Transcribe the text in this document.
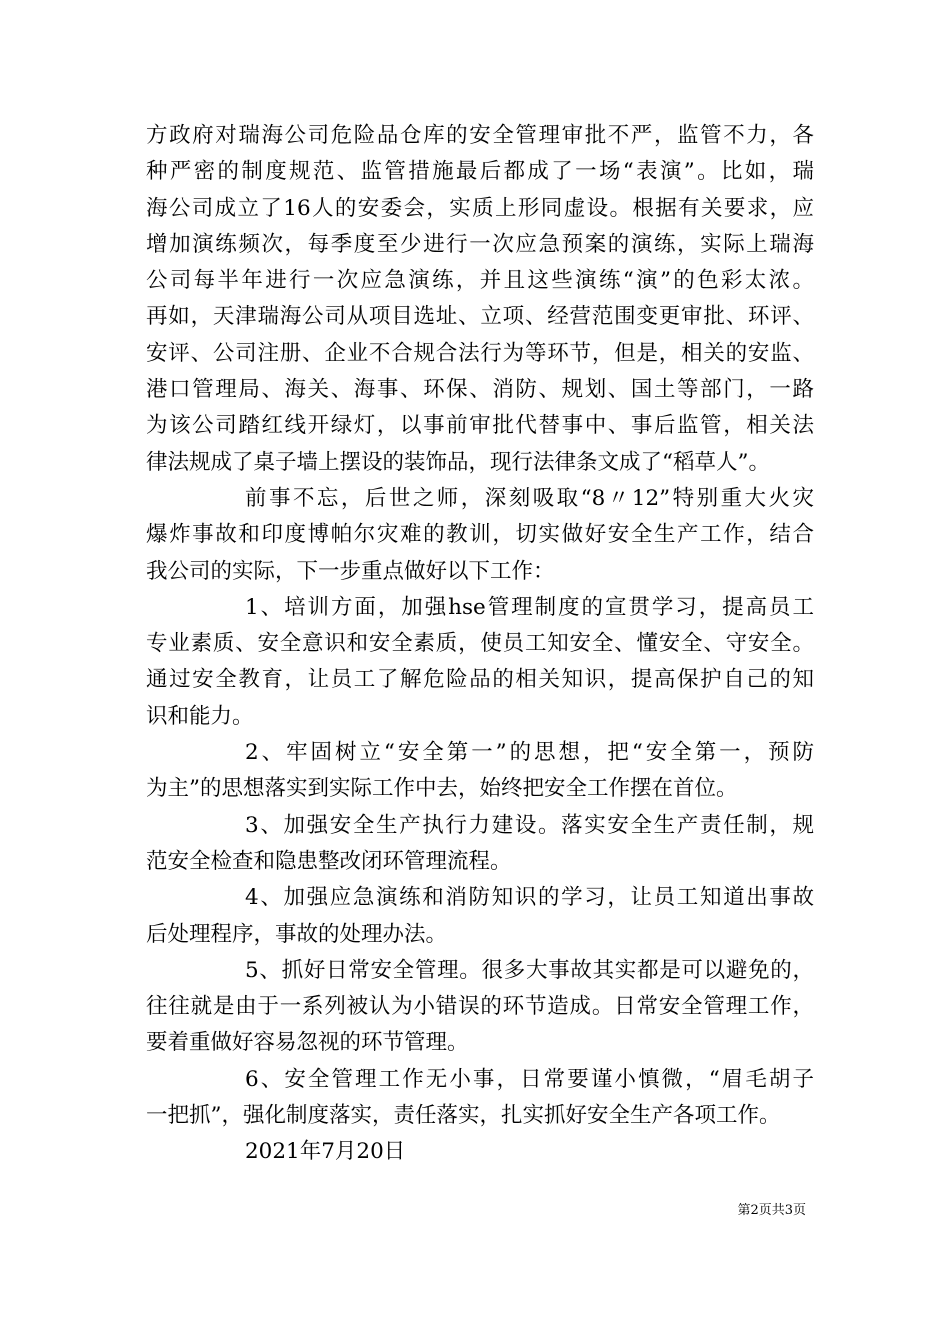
方政府对瑞海公司危险品仓库的安全管理审批不严，监管不力，各
种严密的制度规范、监管措施最后都成了一场“表演”。比如，瑞
海公司成立了16人的安委会，实质上形同虚设。根据有关要求，应
增加演练频次，每季度至少进行一次应急预案的演练，实际上瑞海
公司每半年进行一次应急演练，并且这些演练“演”的色彩太浓。
再如，天津瑞海公司从项目选址、立项、经营范围变更审批、环评、
安评、公司注册、企业不合规合法行为等环节，但是，相关的安监、
港口管理局、海关、海事、环保、消防、规划、国土等部门，一路
为该公司踏红线开绿灯，以事前审批代替事中、事后监管，相关法
律法规成了桌子墙上摆设的装饰品，现行法律条文成了“稻草人”。
前事不忘，后世之师，深刻吸取“8〃12”特别重大火灾
爆炸事故和印度博帕尔灾难的教训，切实做好安全生产工作，结合
我公司的实际，下一步重点做好以下工作：
1、培训方面，加强hse管理制度的宣贯学习，提高员工
专业素质、安全意识和安全素质，使员工知安全、懂安全、守安全。
通过安全教育，让员工了解危险品的相关知识，提高保护自己的知
识和能力。
2、牢固树立“安全第一”的思想，把“安全第一，预防
为主”的思想落实到实际工作中去，始终把安全工作摆在首位。
3、加强安全生产执行力建设。落实安全生产责任制，规
范安全检查和隐患整改闭环管理流程。
4、加强应急演练和消防知识的学习，让员工知道出事故
后处理程序，事故的处理办法。
5、抓好日常安全管理。很多大事故其实都是可以避免的，
往往就是由于一系列被认为小错误的环节造成。日常安全管理工作，
要着重做好容易忽视的环节管理。
6、安全管理工作无小事，日常要谨小慎微，“眉毛胡子
一把抓”，强化制度落实，责任落实，扎实抓好安全生产各项工作。
2021年7月20日
第2页共3页
